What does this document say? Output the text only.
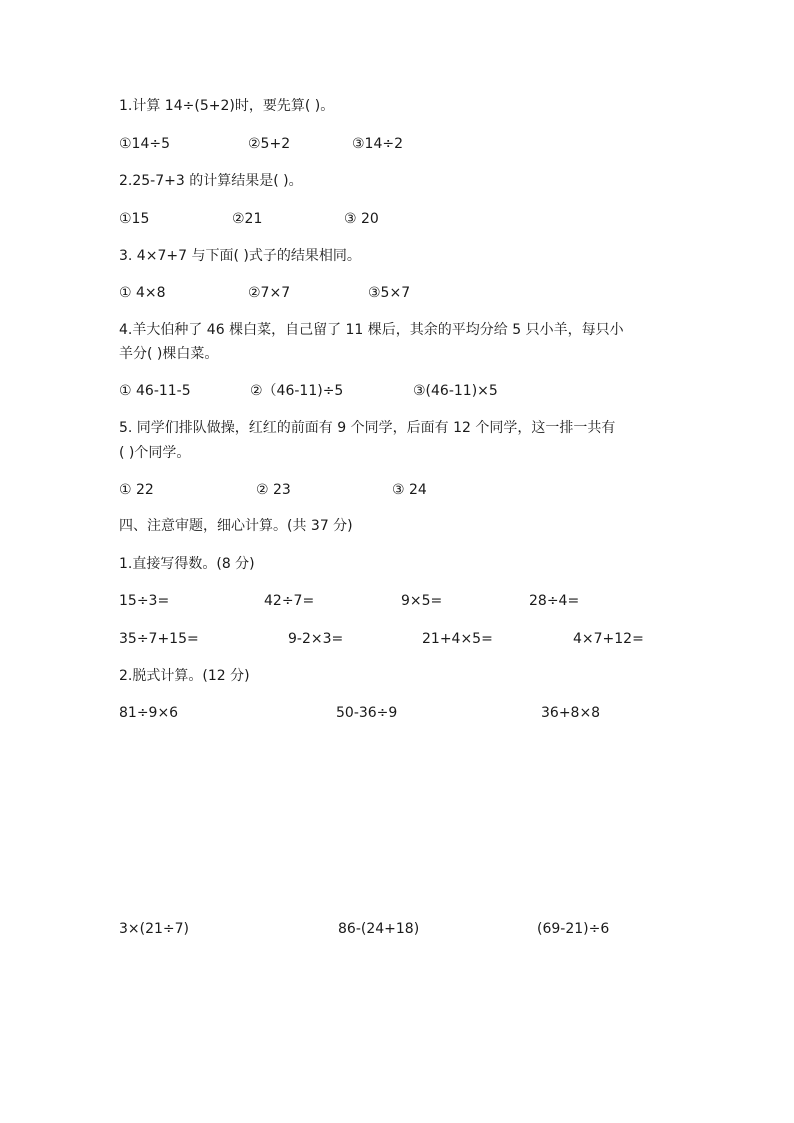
1.计算 14÷(5+2)时，要先算( )。
①14÷5	②5+2	③14÷2
2.25-7+3 的计算结果是( )。
①15	②21	③ 20
3. 4×7+7 与下面( )式子的结果相同。
① 4×8	②7×7	③5×7
4.羊大伯种了 46 棵白菜，自己留了 11 棵后，其余的平均分给 5 只小羊，每只小
羊分( )棵白菜。
① 46-11-5	②（46-11)÷5	③(46-11)×5
5. 同学们排队做操，红红的前面有 9 个同学，后面有 12 个同学，这一排一共有
( )个同学。
① 22	② 23	③ 24
四、注意审题，细心计算。(共 37 分)
1.直接写得数。(8 分)
15÷3=	42÷7=	9×5=	28÷4=
35÷7+15=	9-2×3=	21+4×5=	4×7+12=
2.脱式计算。(12 分)
81÷9×6	50-36÷9	36+8×8
3×(21÷7)	86-(24+18)	(69-21)÷6
